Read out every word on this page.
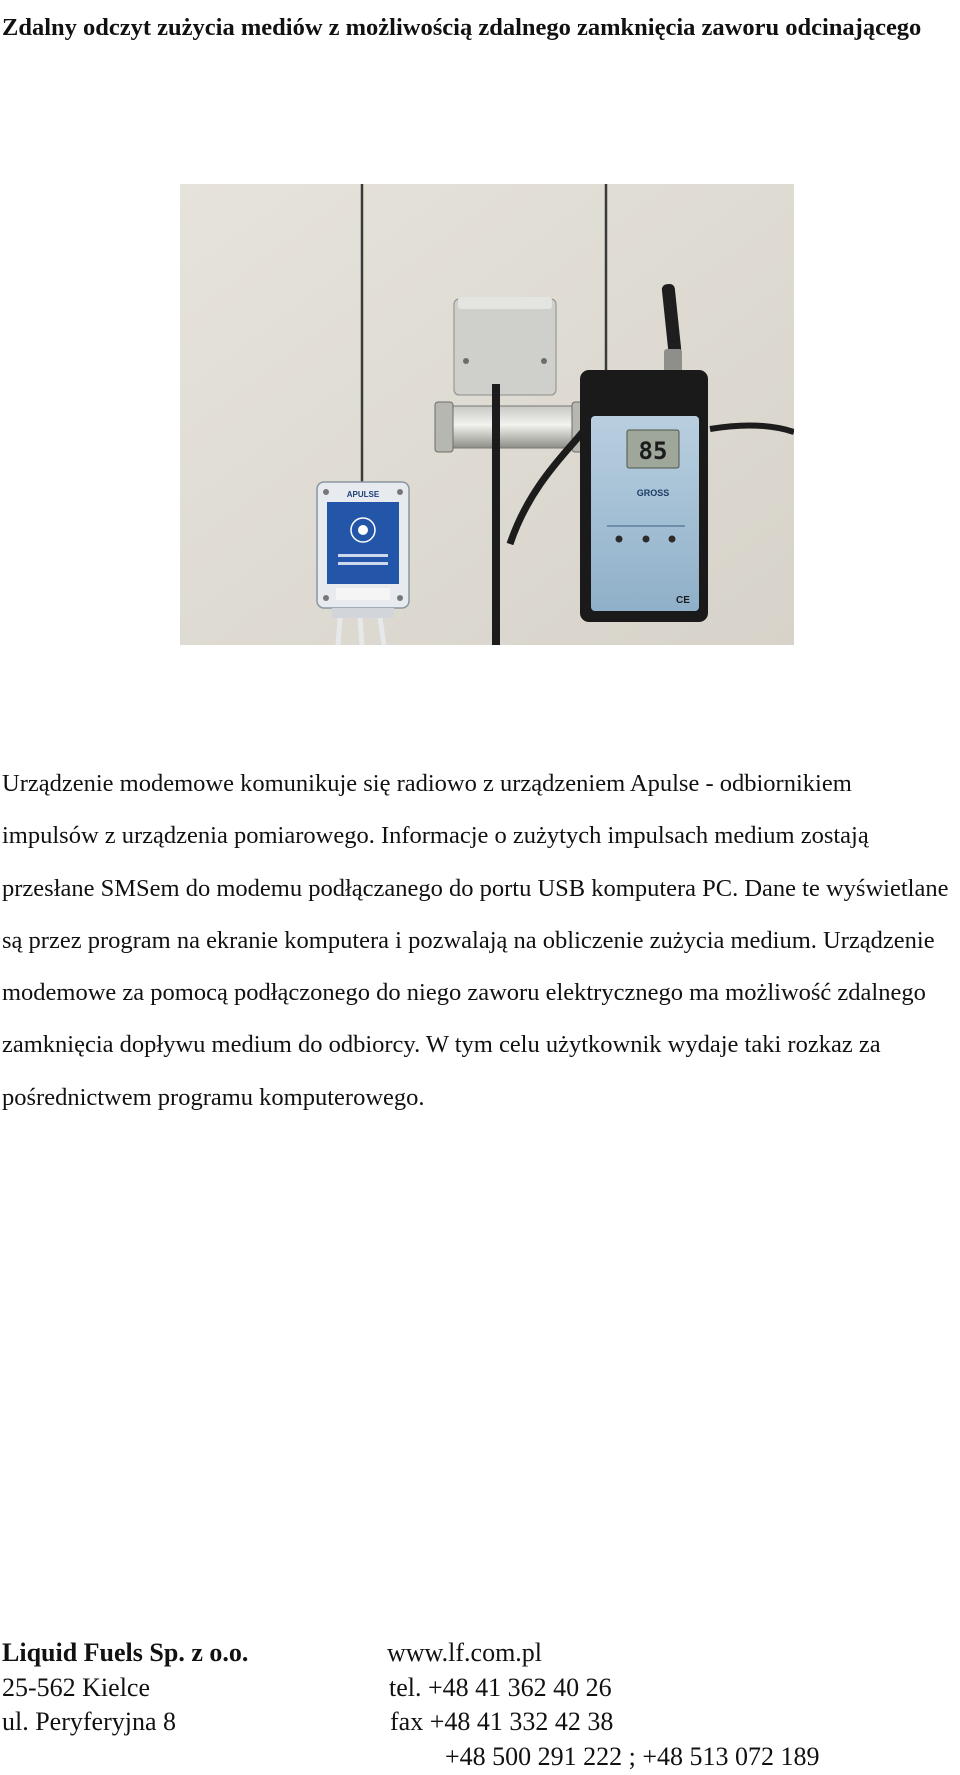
Zdalny odczyt zużycia mediów z możliwością zdalnego zamknięcia zaworu odcinającego
APULSE
85
GROSS
CE

Urządzenie modemowe komunikuje się radiowo z urządzeniem Apulse - odbiornikiem impulsów z urządzenia pomiarowego. Informacje o zużytych impulsach medium zostają przesłane SMSem do modemu podłączanego do portu USB komputera PC. Dane te wyświetlane są przez program na ekranie komputera i pozwalają na obliczenie zużycia medium. Urządzenie modemowe za pomocą podłączonego do niego zaworu elektrycznego ma możliwość zdalnego zamknięcia dopływu medium do odbiorcy. W tym celu użytkownik wydaje taki rozkaz za pośrednictwem programu komputerowego.

Liquid Fuels Sp. z o.o.	www.lf.com.pl
25-562 Kielce	tel. +48 41 362 40 26
ul. Peryferyjna 8	fax +48 41 332 42 38
+48 500 291 222 ; +48 513 072 189
